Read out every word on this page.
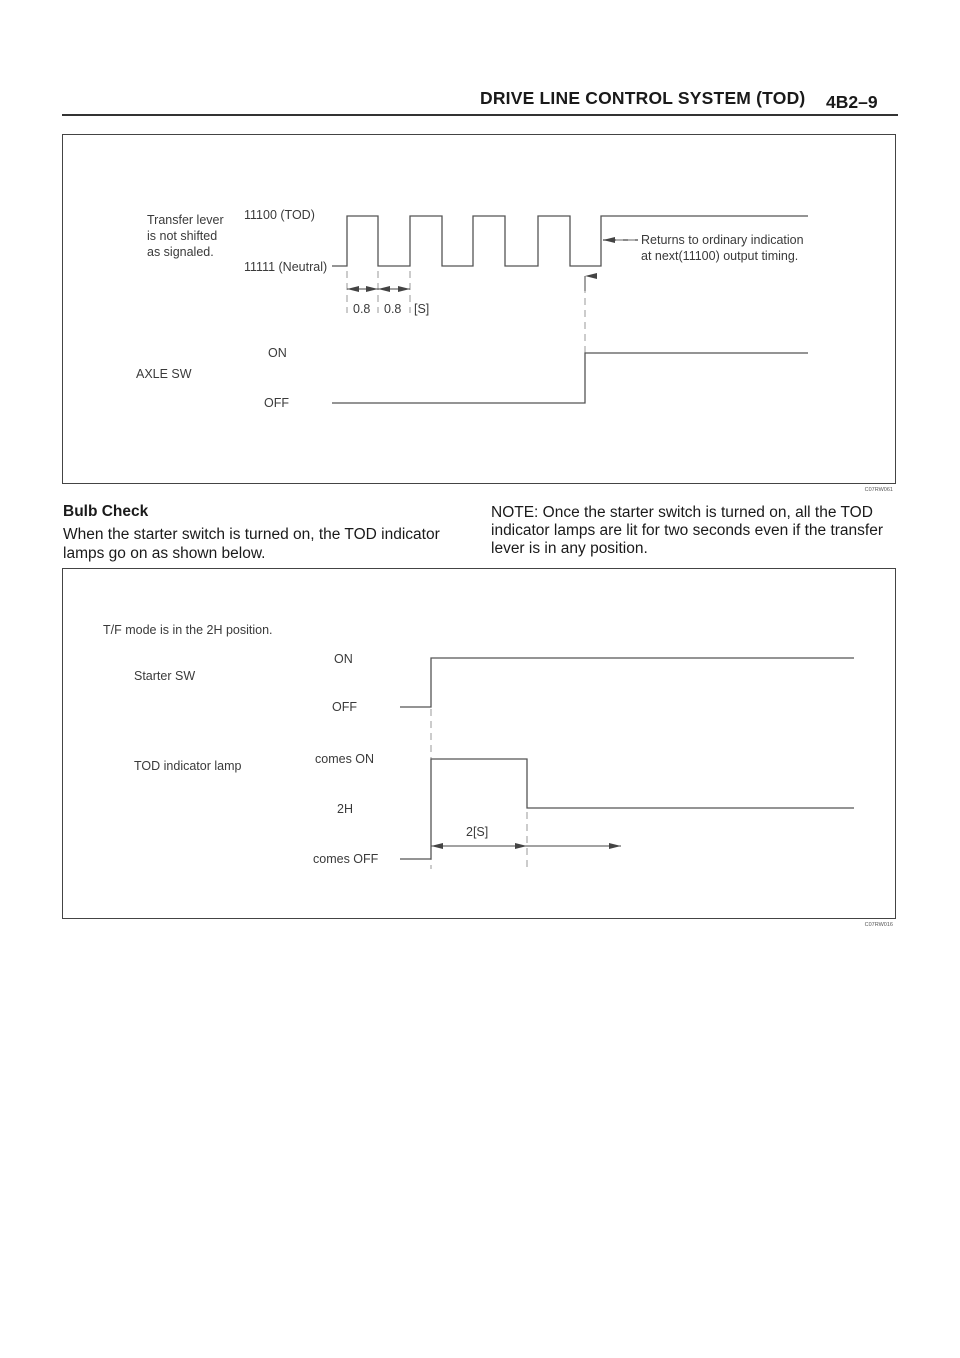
DRIVE LINE CONTROL SYSTEM (TOD) 4B2–9
Transfer lever
is not shifted
as signaled.
11100 (TOD)
11111 (Neutral)
0.8 0.8 [S]
Returns to ordinary indication
at next(11100) output timing.
ON
AXLE SW
OFF
C07RW061
Bulb Check
When the starter switch is turned on, the TOD indicator lamps go on as shown below.
NOTE: Once the starter switch is turned on, all the TOD indicator lamps are lit for two seconds even if the transfer lever is in any position.
T/F mode is in the 2H position.
ON
Starter SW
OFF
comes ON
TOD indicator lamp
2H
2[S]
comes OFF
C07RW016
